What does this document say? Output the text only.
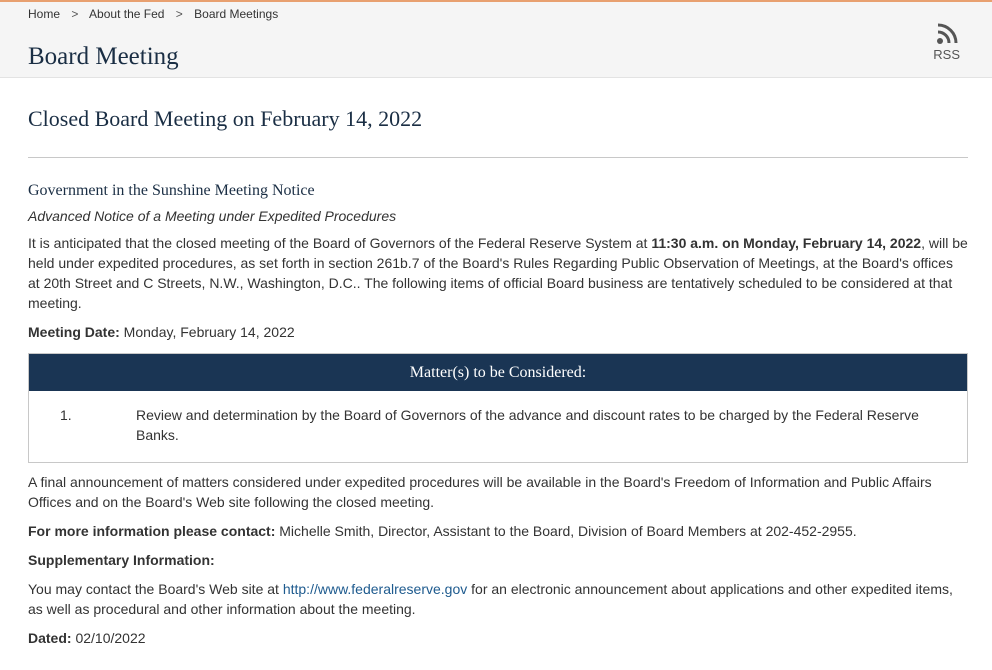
Home > About the Fed > Board Meetings
Board Meeting	RSS
Closed Board Meeting on February 14, 2022
Government in the Sunshine Meeting Notice

Advanced Notice of a Meeting under Expedited Procedures

It is anticipated that the closed meeting of the Board of Governors of the Federal Reserve System at 11:30 a.m. on Monday, February 14, 2022, will be held under expedited procedures, as set forth in section 261b.7 of the Board's Rules Regarding Public Observation of Meetings, at the Board's offices at 20th Street and C Streets, N.W., Washington, D.C.. The following items of official Board business are tentatively scheduled to be considered at that meeting.

Meeting Date: Monday, February 14, 2022

Matter(s) to be Considered:
1.	Review and determination by the Board of Governors of the advance and discount rates to be charged by the Federal Reserve Banks.

A final announcement of matters considered under expedited procedures will be available in the Board's Freedom of Information and Public Affairs Offices and on the Board's Web site following the closed meeting.

For more information please contact: Michelle Smith, Director, Assistant to the Board, Division of Board Members at 202-452-2955.

Supplementary Information:

You may contact the Board's Web site at http://www.federalreserve.gov for an electronic announcement about applications and other expedited items, as well as procedural and other information about the meeting.

Dated: 02/10/2022
